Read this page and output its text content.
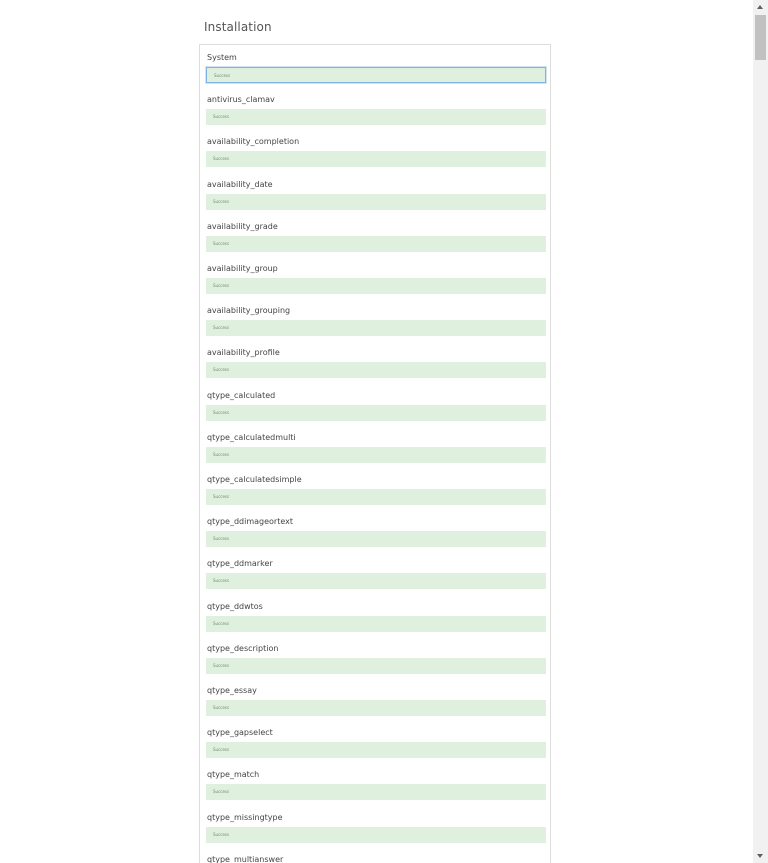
Installation
System
Success
antivirus_clamav
Success
availability_completion
Success
availability_date
Success
availability_grade
Success
availability_group
Success
availability_grouping
Success
availability_profile
Success
qtype_calculated
Success
qtype_calculatedmulti
Success
qtype_calculatedsimple
Success
qtype_ddimageortext
Success
qtype_ddmarker
Success
qtype_ddwtos
Success
qtype_description
Success
qtype_essay
Success
qtype_gapselect
Success
qtype_match
Success
qtype_missingtype
Success
qtype_multianswer
